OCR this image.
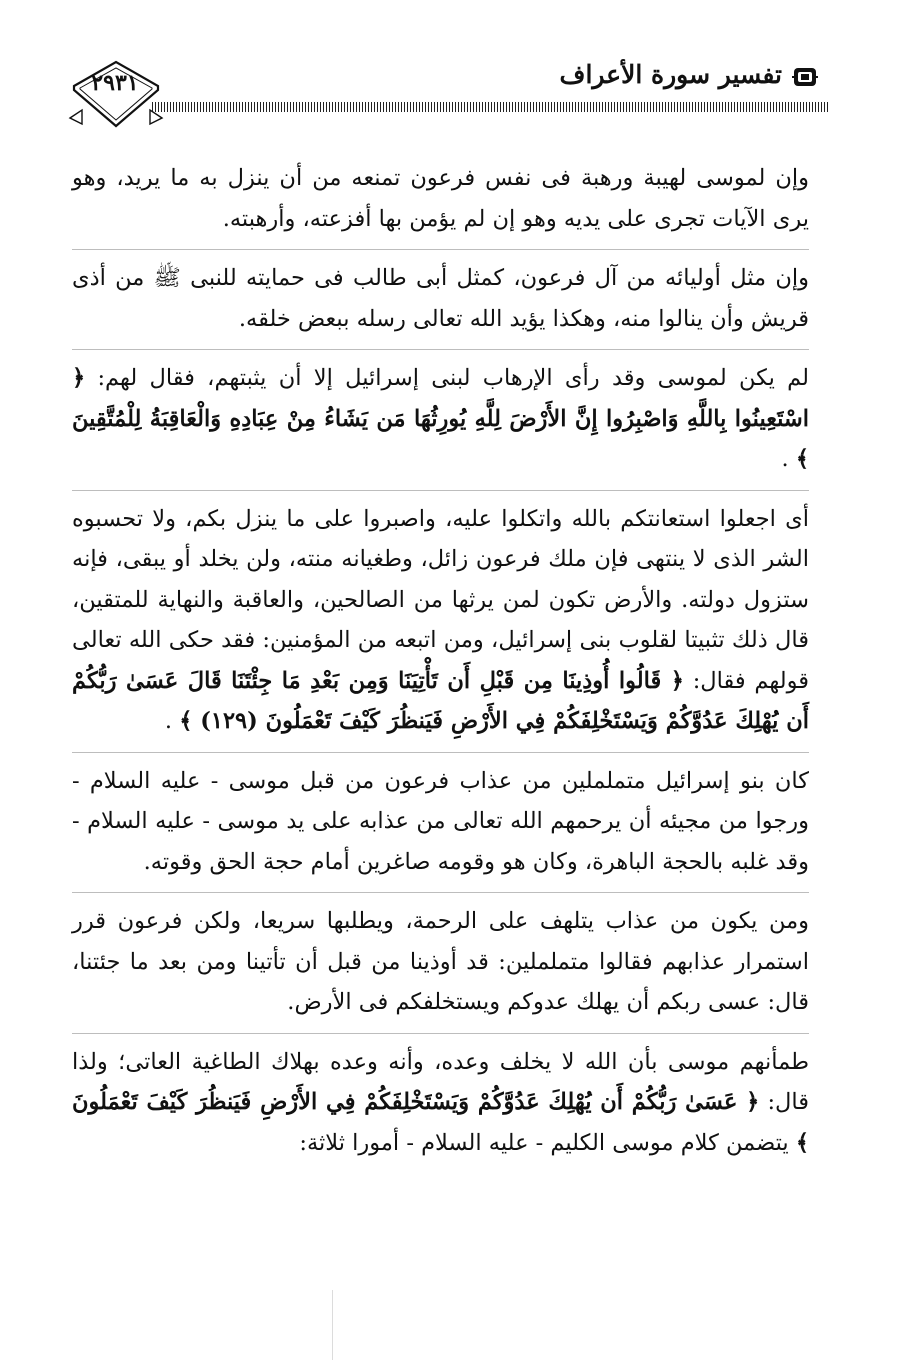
تفسير سورة الأعراف
٢٩٣١

وإن لموسى لهيبة ورهبة فى نفس فرعون تمنعه من أن ينزل به ما يريد، وهو يرى الآيات تجرى على يديه وهو إن لم يؤمن بها أفزعته، وأرهبته.

وإن مثل أوليائه من آل فرعون، كمثل أبى طالب فى حمايته للنبى ﷺ من أذى قريش وأن ينالوا منه، وهكذا يؤيد الله تعالى رسله ببعض خلقه.

لم يكن لموسى وقد رأى الإرهاب لبنى إسرائيل إلا أن يثبتهم، فقال لهم: ﴿ اسْتَعِينُوا بِاللَّهِ وَاصْبِرُوا إِنَّ الأَرْضَ لِلَّهِ يُورِثُهَا مَن يَشَاءُ مِنْ عِبَادِهِ وَالْعَاقِبَةُ لِلْمُتَّقِينَ ﴾ .

أى اجعلوا استعانتكم بالله واتكلوا عليه، واصبروا على ما ينزل بكم، ولا تحسبوه الشر الذى لا ينتهى فإن ملك فرعون زائل، وطغيانه منته، ولن يخلد أو يبقى، فإنه ستزول دولته. والأرض تكون لمن يرثها من الصالحين، والعاقبة والنهاية للمتقين، قال ذلك تثبيتا لقلوب بنى إسرائيل، ومن اتبعه من المؤمنين: فقد حكى الله تعالى قولهم فقال: ﴿ قَالُوا أُوذِينَا مِن قَبْلِ أَن تَأْتِيَنَا وَمِن بَعْدِ مَا جِئْتَنَا قَالَ عَسَىٰ رَبُّكُمْ أَن يُهْلِكَ عَدُوَّكُمْ وَيَسْتَخْلِفَكُمْ فِي الأَرْضِ فَيَنظُرَ كَيْفَ تَعْمَلُونَ (١٢٩) ﴾ .

كان بنو إسرائيل متململين من عذاب فرعون من قبل موسى - عليه السلام - ورجوا من مجيئه أن يرحمهم الله تعالى من عذابه على يد موسى - عليه السلام - وقد غلبه بالحجة الباهرة، وكان هو وقومه صاغرين أمام حجة الحق وقوته.

ومن يكون من عذاب يتلهف على الرحمة، ويطلبها سريعا، ولكن فرعون قرر استمرار عذابهم فقالوا متململين: قد أوذينا من قبل أن تأتينا ومن بعد ما جئتنا، قال: عسى ربكم أن يهلك عدوكم ويستخلفكم فى الأرض.

طمأنهم موسى بأن الله لا يخلف وعده، وأنه وعده بهلاك الطاغية العاتى؛ ولذا قال: ﴿ عَسَىٰ رَبُّكُمْ أَن يُهْلِكَ عَدُوَّكُمْ وَيَسْتَخْلِفَكُمْ فِي الأَرْضِ فَيَنظُرَ كَيْفَ تَعْمَلُونَ ﴾ يتضمن كلام موسى الكليم - عليه السلام - أمورا ثلاثة:
